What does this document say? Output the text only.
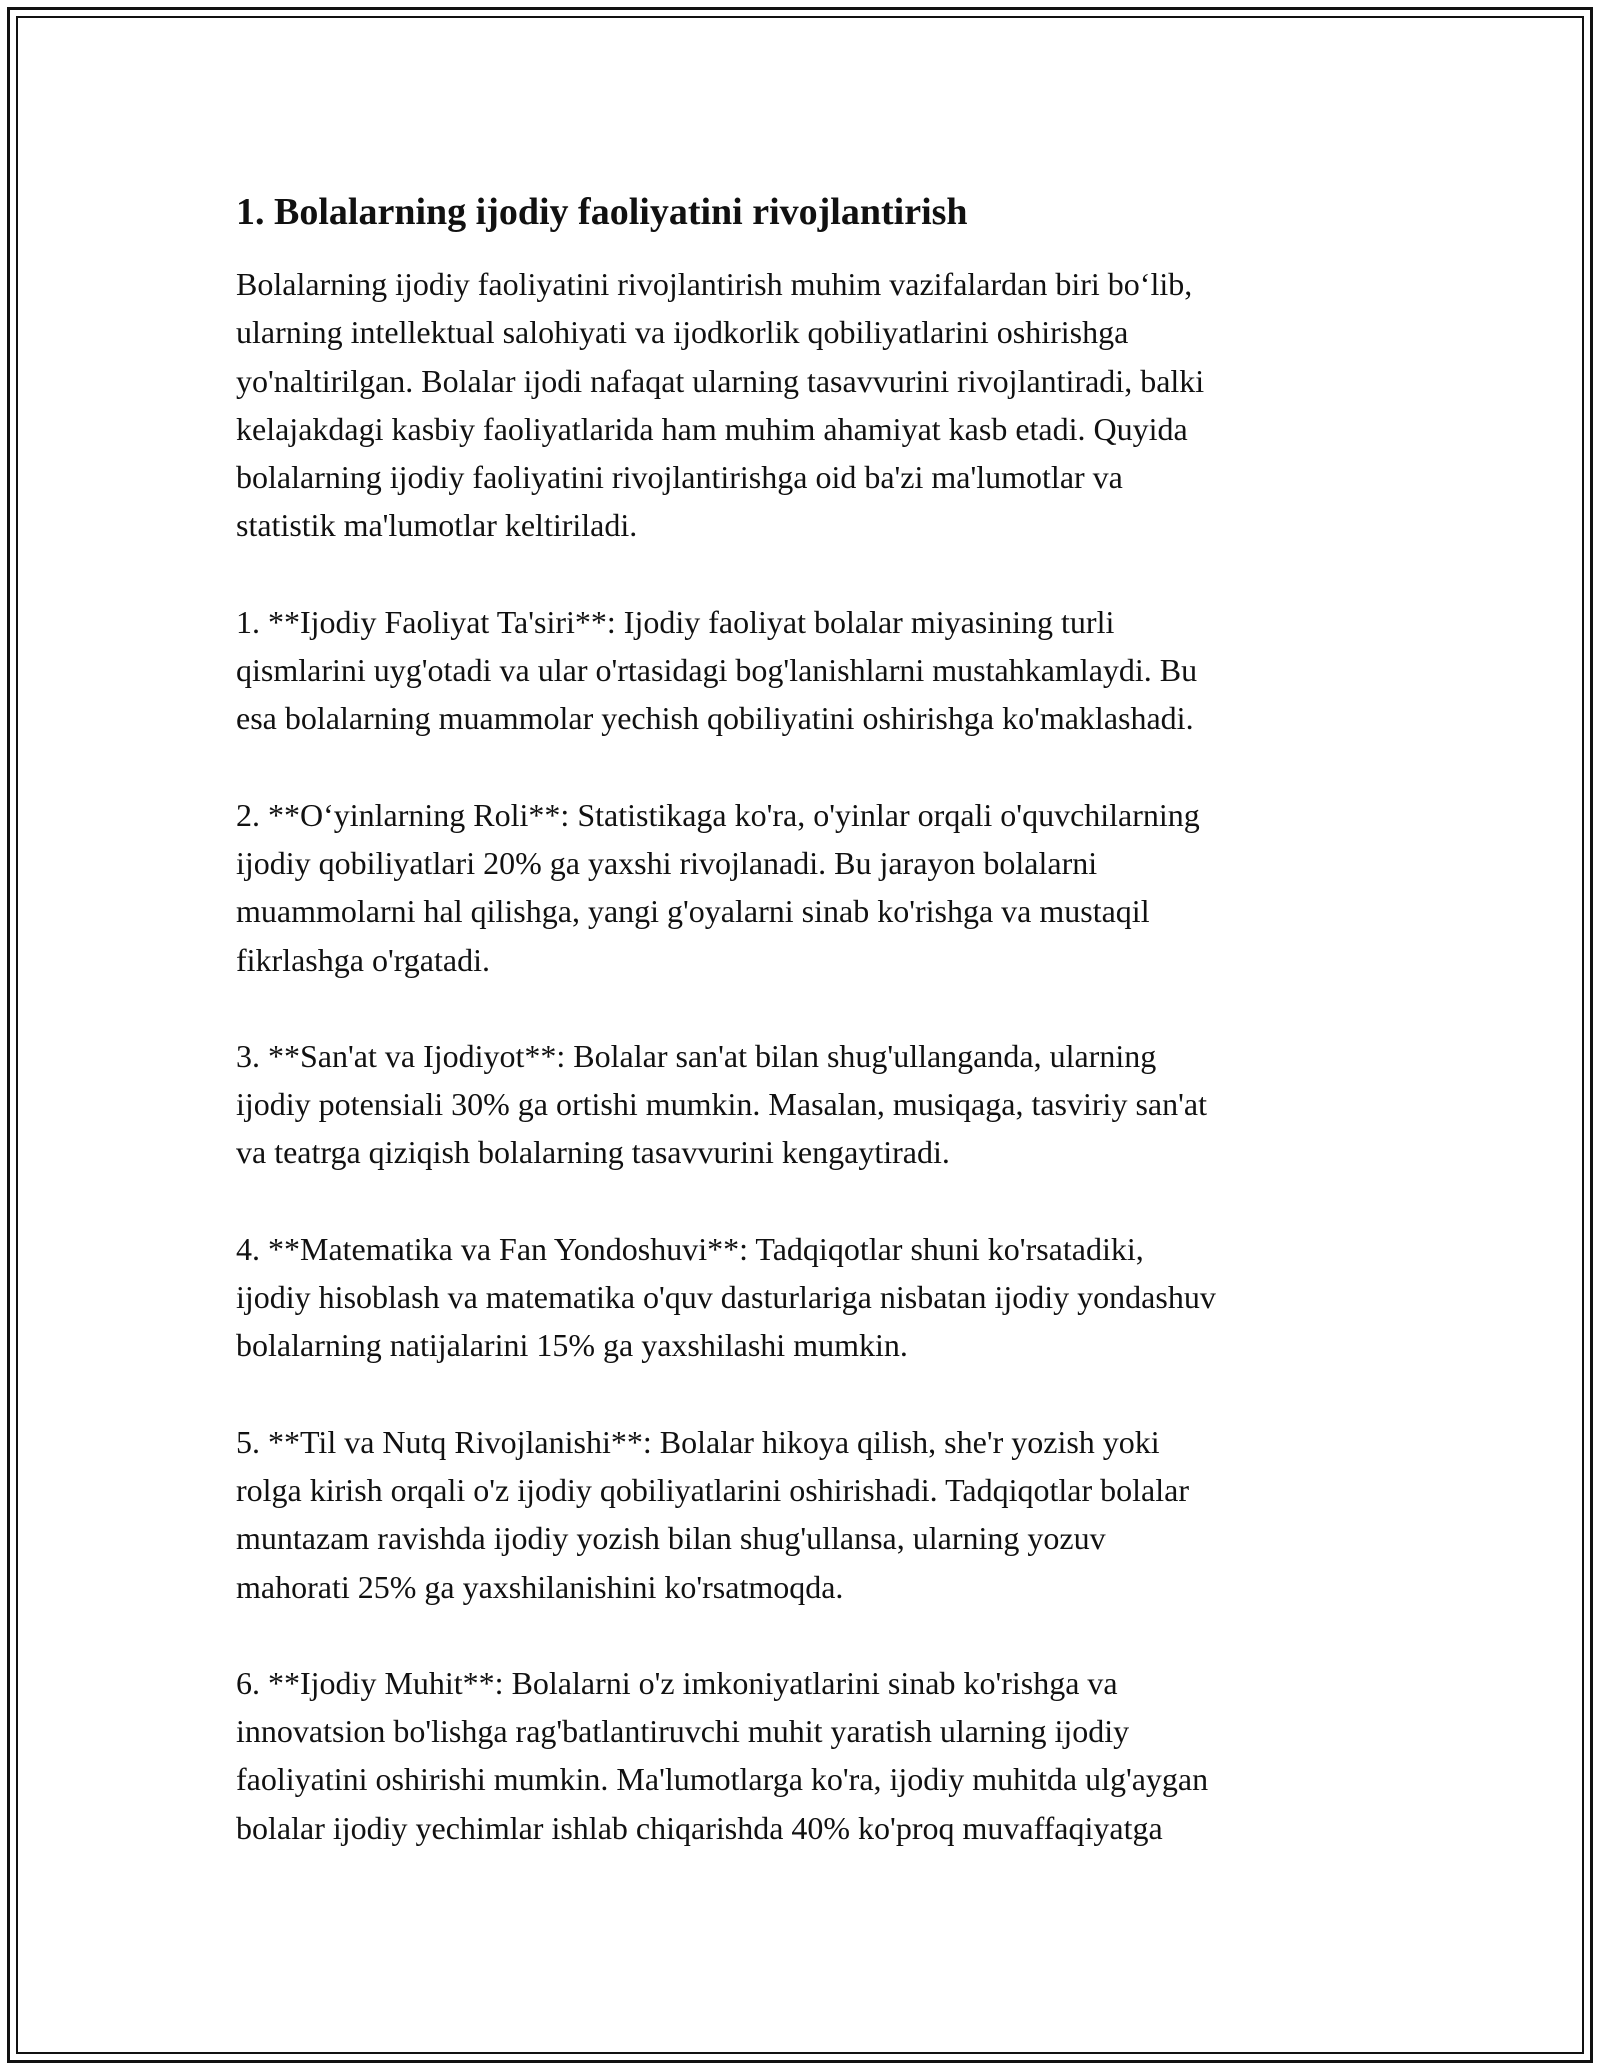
1. Bolalarning ijodiy faoliyatini rivojlantirish

Bolalarning ijodiy faoliyatini rivojlantirish muhim vazifalardan biri bo‘lib,
ularning intellektual salohiyati va ijodkorlik qobiliyatlarini oshirishga
yo'naltirilgan. Bolalar ijodi nafaqat ularning tasavvurini rivojlantiradi, balki
kelajakdagi kasbiy faoliyatlarida ham muhim ahamiyat kasb etadi. Quyida
bolalarning ijodiy faoliyatini rivojlantirishga oid ba'zi ma'lumotlar va
statistik ma'lumotlar keltiriladi.

1. **Ijodiy Faoliyat Ta'siri**: Ijodiy faoliyat bolalar miyasining turli
qismlarini uyg'otadi va ular o'rtasidagi bog'lanishlarni mustahkamlaydi. Bu
esa bolalarning muammolar yechish qobiliyatini oshirishga ko'maklashadi.

2. **O‘yinlarning Roli**: Statistikaga ko'ra, o'yinlar orqali o'quvchilarning
ijodiy qobiliyatlari 20% ga yaxshi rivojlanadi. Bu jarayon bolalarni
muammolarni hal qilishga, yangi g'oyalarni sinab ko'rishga va mustaqil
fikrlashga o'rgatadi.

3. **San'at va Ijodiyot**: Bolalar san'at bilan shug'ullanganda, ularning
ijodiy potensiali 30% ga ortishi mumkin. Masalan, musiqaga, tasviriy san'at
va teatrga qiziqish bolalarning tasavvurini kengaytiradi.

4. **Matematika va Fan Yondoshuvi**: Tadqiqotlar shuni ko'rsatadiki,
ijodiy hisoblash va matematika o'quv dasturlariga nisbatan ijodiy yondashuv
bolalarning natijalarini 15% ga yaxshilashi mumkin.

5. **Til va Nutq Rivojlanishi**: Bolalar hikoya qilish, she'r yozish yoki
rolga kirish orqali o'z ijodiy qobiliyatlarini oshirishadi. Tadqiqotlar bolalar
muntazam ravishda ijodiy yozish bilan shug'ullansa, ularning yozuv
mahorati 25% ga yaxshilanishini ko'rsatmoqda.

6. **Ijodiy Muhit**: Bolalarni o'z imkoniyatlarini sinab ko'rishga va
innovatsion bo'lishga rag'batlantiruvchi muhit yaratish ularning ijodiy
faoliyatini oshirishi mumkin. Ma'lumotlarga ko'ra, ijodiy muhitda ulg'aygan
bolalar ijodiy yechimlar ishlab chiqarishda 40% ko'proq muvaffaqiyatga
